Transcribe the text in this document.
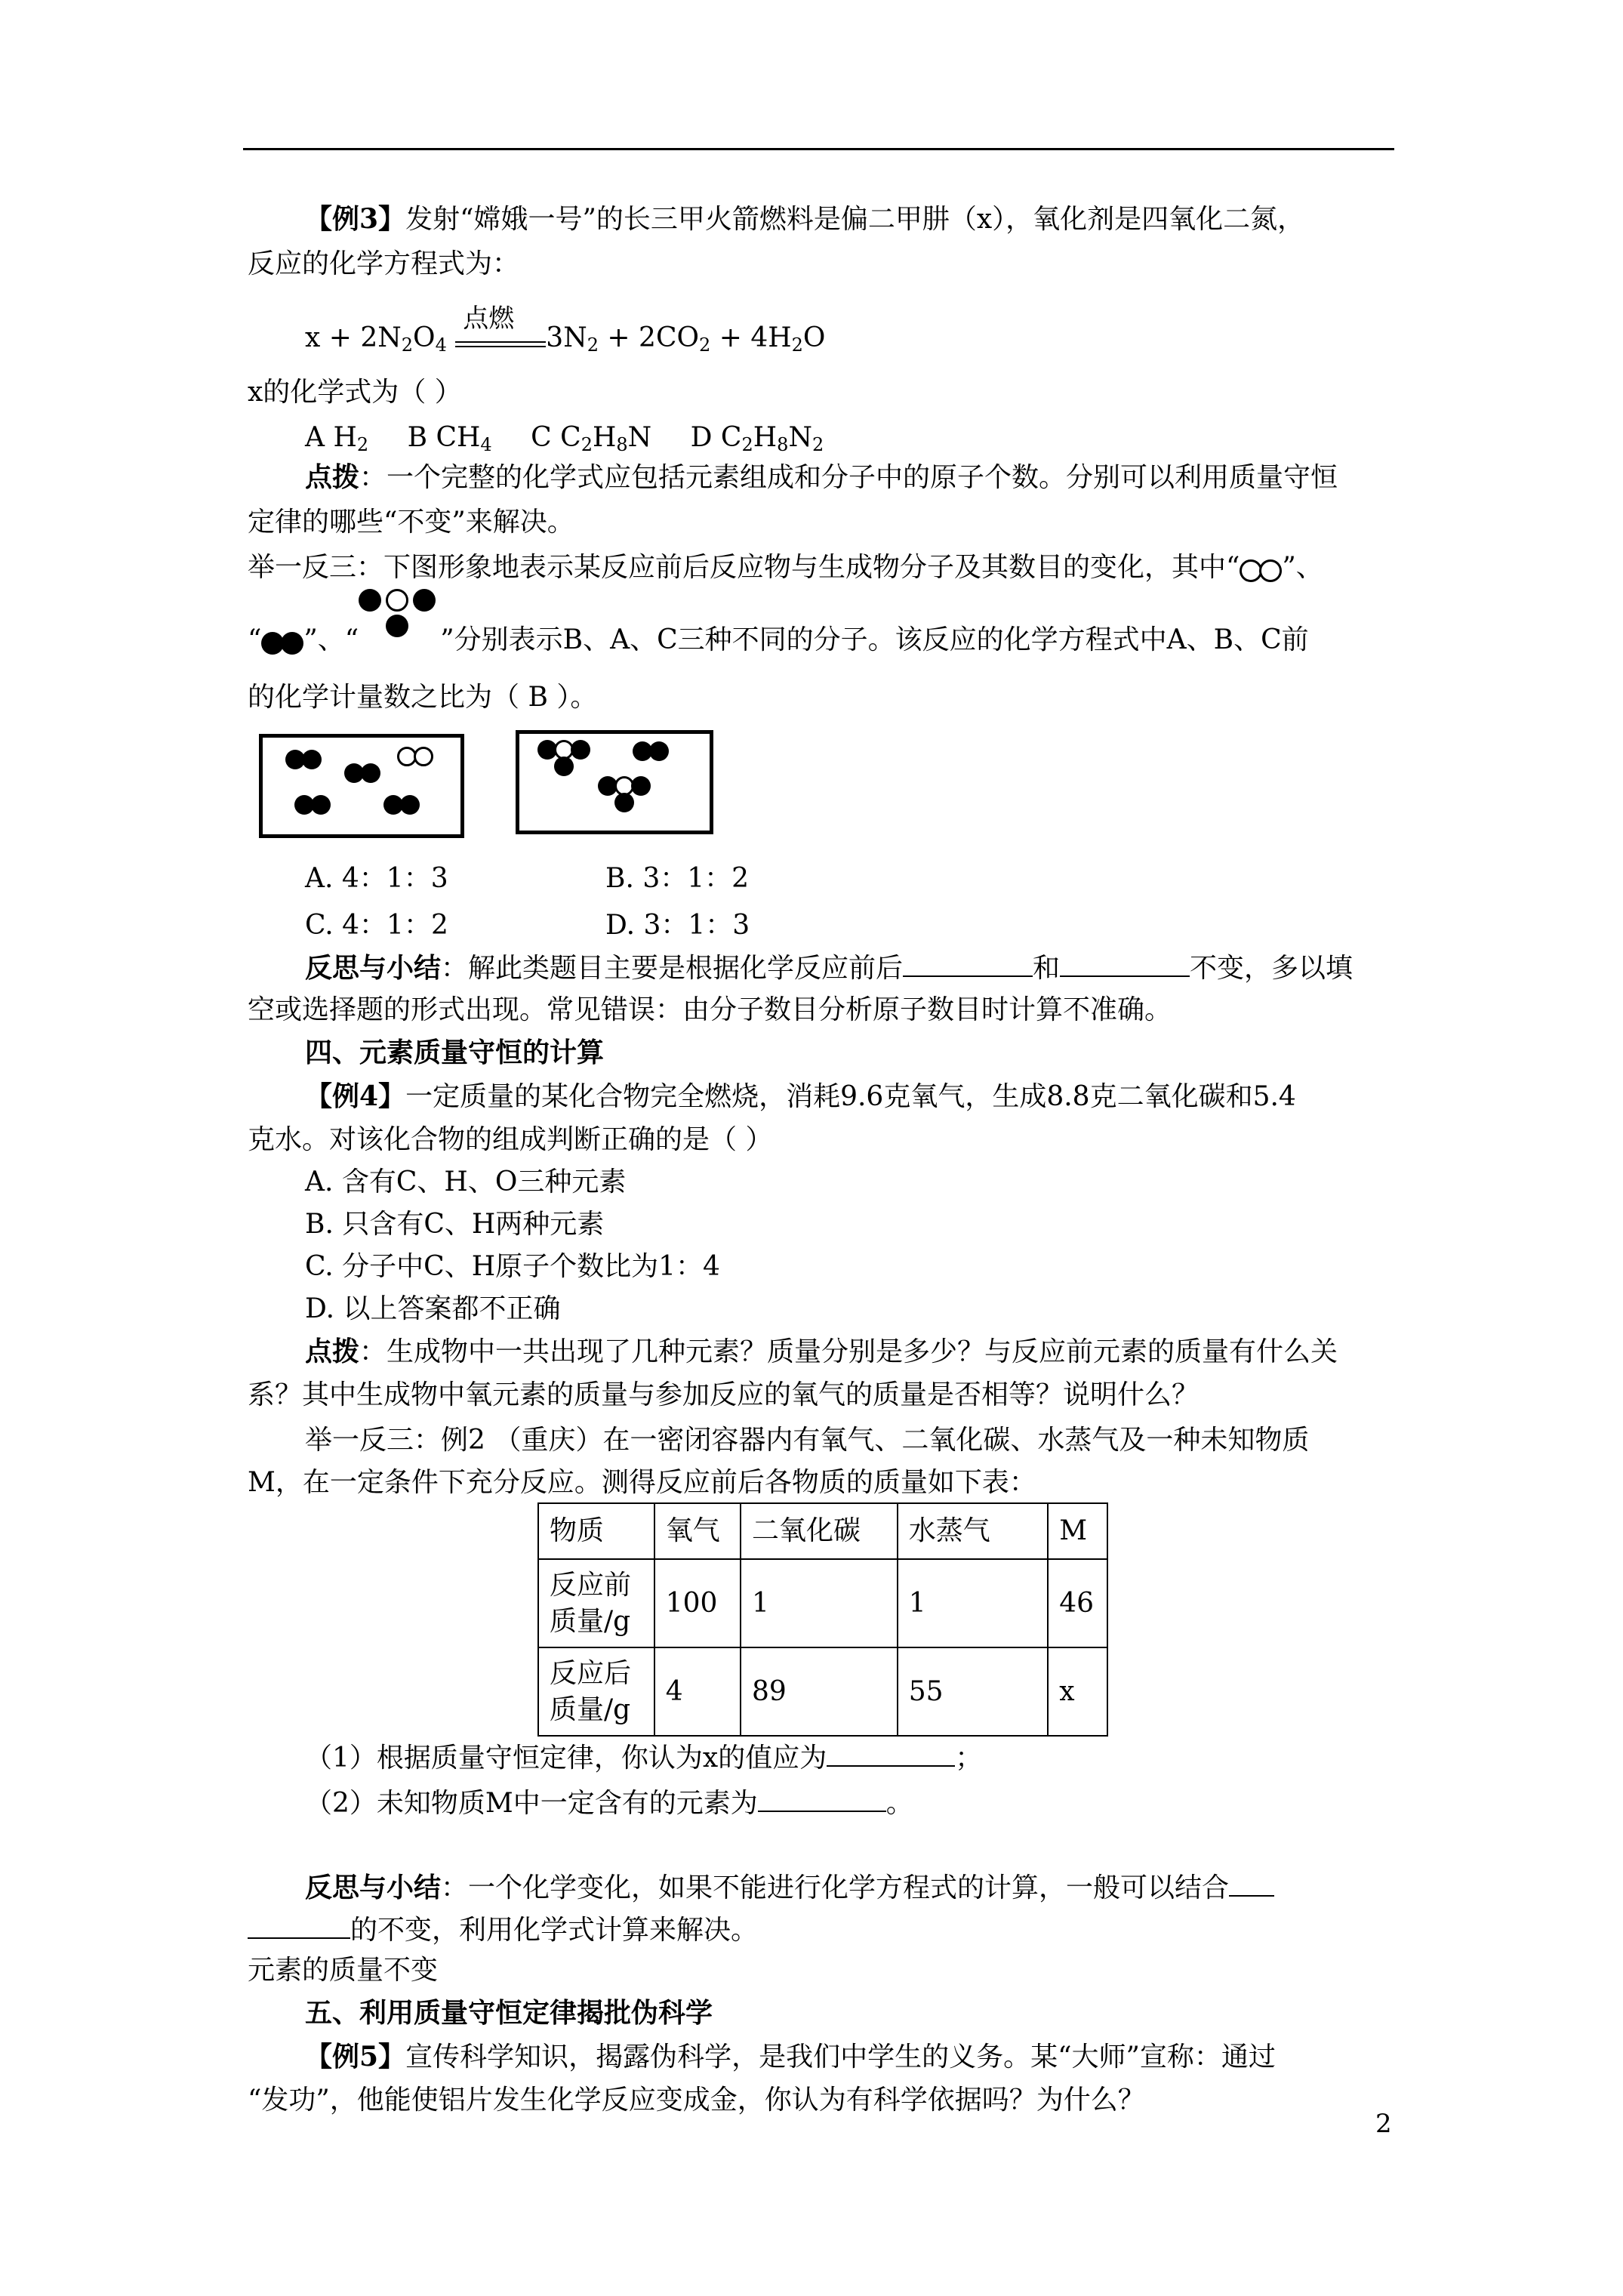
【例3】发射“嫦娥一号”的长三甲火箭燃料是偏二甲肼（x），氧化剂是四氧化二氮，
反应的化学方程式为：
$x + 2N_2O_4$
点燃
$3N_2 + 2CO_2 + 4H_2O$
x的化学式为（ ）
A $H_2$ B $CH_4$ C $C_2H_8N$ D $C_2H_8N_2$
点拨：一个完整的化学式应包括元素组成和分子中的原子个数。分别可以利用质量守恒
定律的哪些“不变”来解决。
举一反三：下图形象地表示某反应前后反应物与生成物分子及其数目的变化，其中“ ”、
“ ”、“	”分别表示B、A、C三种不同的分子。该反应的化学方程式中A、B、C前
的化学计量数之比为（ B ）。
A. 4：1：3	B. 3：1：2
C. 4：1：2	D. 3：1：3
反思与小结：解此类题目主要是根据化学反应前后	和	不变，多以填
空或选择题的形式出现。常见错误：由分子数目分析原子数目时计算不准确。
四、元素质量守恒的计算
【例4】一定质量的某化合物完全燃烧，消耗9.6克氧气，生成8.8克二氧化碳和5.4
克水。对该化合物的组成判断正确的是（ ）
A. 含有C、H、O三种元素
B. 只含有C、H两种元素
C. 分子中C、H原子个数比为1：4
D. 以上答案都不正确
点拨：生成物中一共出现了几种元素？质量分别是多少？与反应前元素的质量有什么关
系？其中生成物中氧元素的质量与参加反应的氧气的质量是否相等？说明什么？
举一反三：例2 （重庆）在一密闭容器内有氧气、二氧化碳、水蒸气及一种未知物质
M，在一定条件下充分反应。测得反应前后各物质的质量如下表：
物质	氧气	二氧化碳	水蒸气	M

反应前
质量/g	100	1	1	46

反应后
质量/g	4	89	55	x
（1）根据质量守恒定律，你认为x的值应为	；
（2）未知物质M中一定含有的元素为	。
反思与小结：一个化学变化，如果不能进行化学方程式的计算，一般可以结合
的不变，利用化学式计算来解决。
元素的质量不变
五、利用质量守恒定律揭批伪科学
【例5】宣传科学知识，揭露伪科学，是我们中学生的义务。某“大师”宣称：通过
“发功”，他能使铝片发生化学反应变成金，你认为有科学依据吗？为什么？
2
